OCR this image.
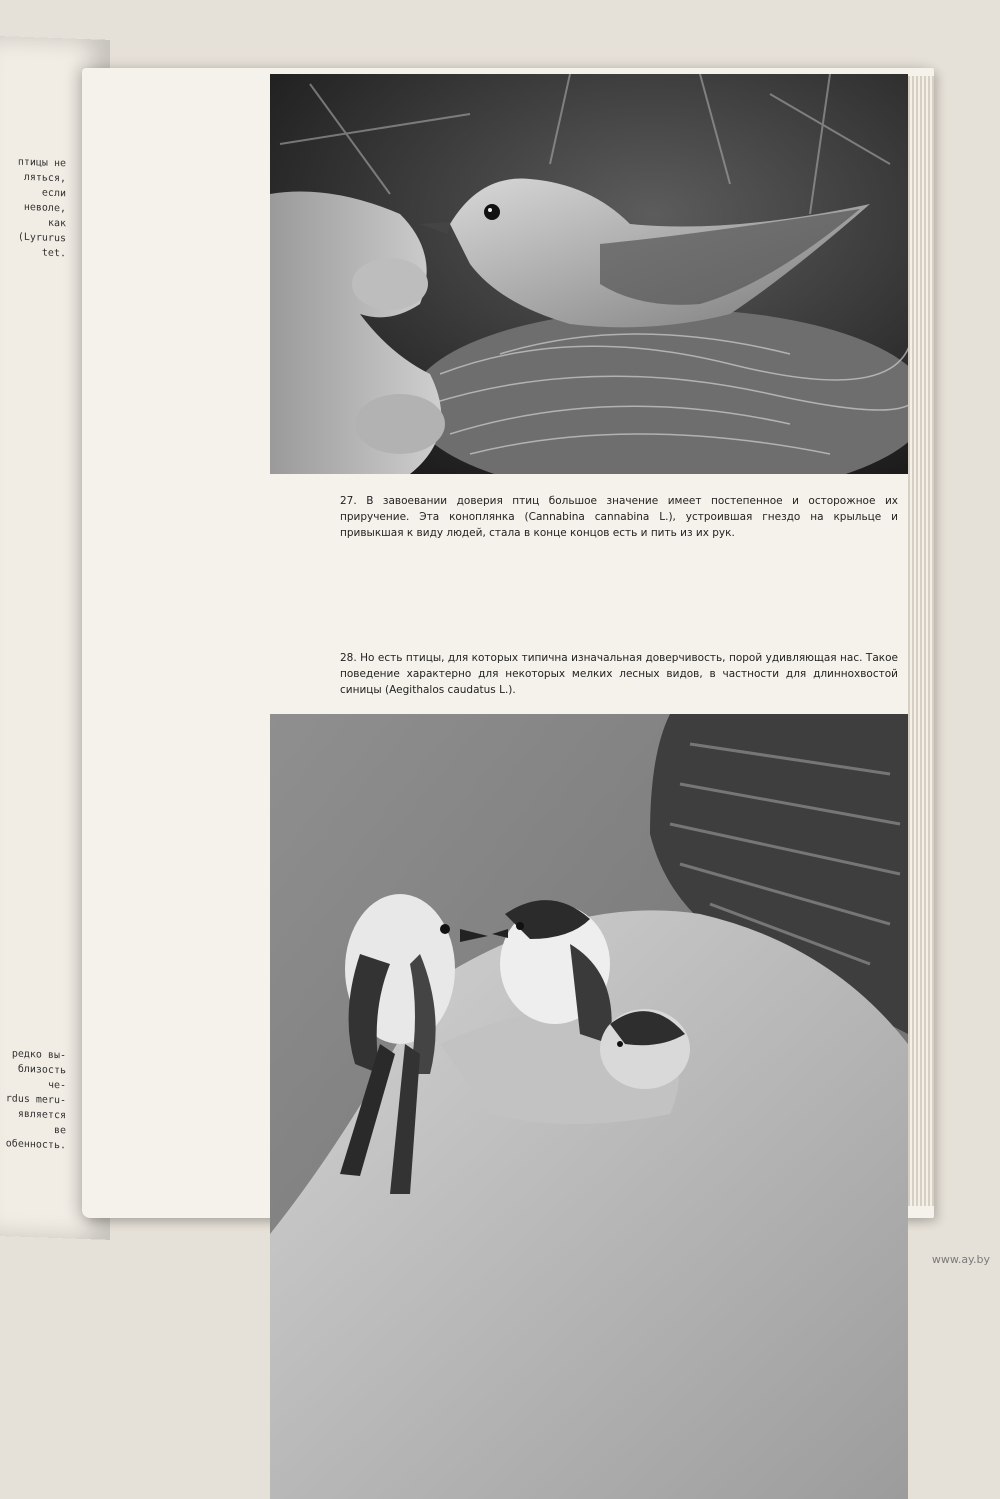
птицы не
ляться, если
неволе, как
(Lyrurus tet.
редко вы-
близость че-
rdus meru-
является ве
обенность.
27. В завоевании доверия птиц большое значение имеет постепенное и осторожное их приручение. Эта коноплянка (Cannabina cannabina L.), устроившая гнездо на крыльце и привыкшая к виду людей, стала в конце концов есть и пить из их рук.
28. Но есть птицы, для которых типична изначальная доверчивость, порой удивляющая нас. Такое поведение характерно для некоторых мелких лесных видов, в частности для длиннохвостой синицы (Aegithalos caudatus L.).
www.ay.by
